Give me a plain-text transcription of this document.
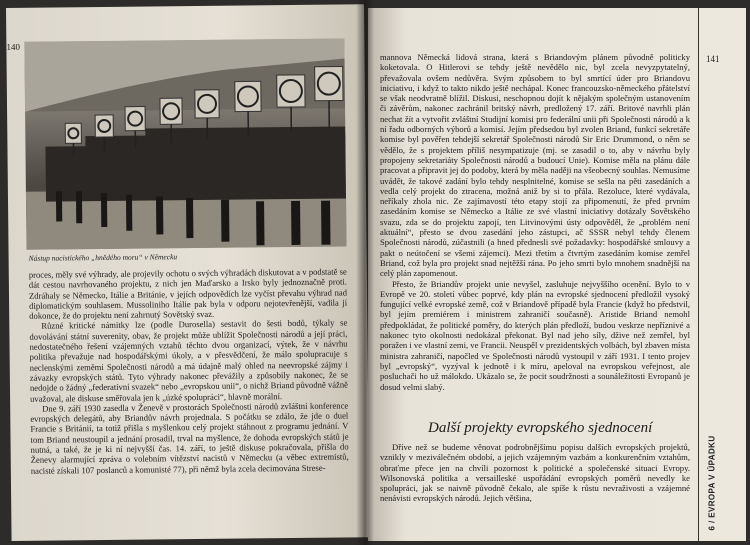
140
Nástup nacistického „hnědého moru“ v Německu

proces, měly své výhrady, ale projevily ochotu o svých výhradách diskutovat a v podstatě se dát cestou navrhovaného projektu, z nich jen Maďarsko a Irsko byly jednoznačně proti. Zdráhaly se Německo, Itálie a Británie, v jejích odpovědích lze vyčíst převahu výhrad nad diplomatickým souhlasem. Mussoliniho Itálie pak byla v odporu nejotevřenější, vadila jí dokonce, že do projektu není zahrnutý Sovětský svaz.

Různé kritické námitky lze (podle Durosella) sestavit do šesti bodů, týkaly se dovolávání státní suverenity, obav, že projekt může ublížit Společnosti národů a její práci, nedostatečného řešení vzájemných vztahů těchto dvou organizací, výtek, že v návrhu politika převažuje nad hospodářskými úkoly, a v přesvědčení, že málo spolupracuje s neclenskými zeměmi Společnosti národů a má údajně malý ohled na neevropské zájmy i závazky evropských států. Tyto výhrady nakonec převážily a způsobily nakonec, že se nedojde o žádný „federativní svazek“ nebo „evropskou unii“, o nichž Briand původně vážně uvažoval, ale diskuse směřovala jen k „úzké spolupráci“, hlavně morální.

Dne 9. září 1930 zasedla v Ženevě v prostorách Společnosti národů zvláštní konference evropských delegátů, aby Briandův návrh projednala. S počátku se zdálo, že jde o duel Francie s Británií, ta totiž přišla s myšlenkou celý projekt stáhnout z programu jednání. V tom Briand neustoupil a jednání prosadil, trval na myšlence, že dohoda evropských států je nutná, a také, že je ki ní nejvyšší čas. 14. září, to ještě diskuse pokračovala, přišla do Ženevy alarmující zpráva o volebním vítězství nacistů v Německu (a věbec extremistů, nacisté získali 107 poslanců a komunisté 77), při němž byla zcela decimována Strese-

141

mannova Německá lidová strana, která s Briandovým plánem původně politicky koketovala. O Hitlerovi se tehdy ještě nevědělo nic, byl zcela nevyzpytatelný, převažovala ovšem nedůvěra. Svým způsobem to byl smrtící úder pro Briandovu iniciativu, i když to takto nikdo ještě nechápal. Konec francouzsko-německého přátelství se však neodvratně blížil. Diskusi, neschopnou dojít k nějakým společným ustanovením či závěrům, nakonec zachránil britský návrh, predložený 17. září. Britové navrhli plán nechat žít a vytvořit zvláštní Studijní komisi pro federální unii při Společnosti národů a k ní řadu odborných výborů a komisí. Jejím předsedou byl zvolen Briand, funkcí sekretáře komise byl pověřen tehdejší sekretář Společnosti národů Sir Eric Drummond, o něm se vědělo, že s projektem příliš nesympatizuje (mj. se zasadil o to, aby v návrhu byly propojeny sekretariáty Společnosti národů a budoucí Unie). Komise měla na plánu dále pracovat a připravit jej do podoby, která by měla naději na všeobecný souhlas. Nemusíme uvádět, že takové zadání bylo tehdy nesplnitelné, komise se sešla na pěti zasedáních a vedla celý projekt do ztracena, možná aniž by si to přála. Rezoluce, které vydávala, neříkaly zhola nic. Ze zajímavostí této etapy stojí za připomenutí, že před prvním zasedáním komise se Německo a Itálie ze své vlastní iniciativy dotázaly Sovětského svazu, zda se do projektu zapojí, ten Litvinovými ústy odpověděl, že „problém není aktuální“, přesto se dvou zasedání jeho zástupci, ač SSSR nebyl tehdy členem Společnosti národů, zúčastnili (a hned přednesli své požadavky: hospodářské smlouvy a pakt o neútočení se všemi zájemci). Mezi třetím a čtvrtým zasedáním komise zemřel Briand, což byla pro projekt snad nejtěžší rána. Po jeho smrti bylo mnohem snadnější na celý plán zapomenout.

Přesto, že Briandův projekt unie nevyšel, zasluhuje nejvyššího ocenění. Bylo to v Evropě ve 20. století vůbec poprvé, kdy plán na evropské sjednocení předložil vysoký fungující velké evropské země, což v Briandově případě byla Francie (když ho předstvil, byl jejím premiérem i ministrem zahraničí současně). Aristide Briand nemohl předpokládat, že politické poměry, do kterých plán předloží, budou veskrze nepříznivé a nakonec tyto okolnosti nedokázal překonat. Byl nad jeho síly, džive než zemřel, byl poražen i ve vlastní zemi, ve Francii. Neuspěl v prezidentských volbách, byl zbaven místa ministra zahraničí, napočled ve Společnosti národů vystoupil v září 1931. I tento projev byl „evropský“, vyzýval k jednotě i k míru, apeloval na evropskou veřejnost, ale posluchači ho už málokdo. Ukázalo se, že pocit soudržnosti a sounáležitosti Evropanů je dosud velmi slabý.

Další projekty evropského sjednocení

Dříve než se budeme věnovat podrobnějšímu popisu dalších evropských projektů, vznikly v meziválečném období, a jejich vzájemným vazbám a konkurenčním vztahům, obraťme přece jen na chvíli pozornost k politické a společenské situaci Evropy. Wilsonovská politika a versailleské uspořádání evropských poměrů nevedly ke spolupráci, jak se naivně původně čekalo, ale spíše k růstu nevraživosti a vzájemné nenávisti evropských národů. Jejich většina,	6 / EVROPA V ÚPADKU
